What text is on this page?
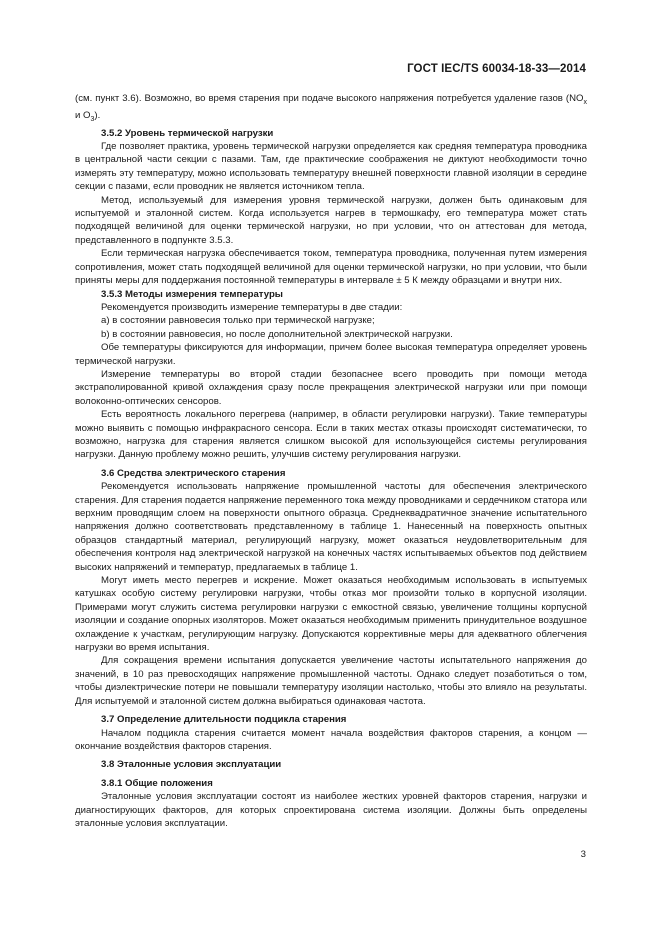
ГОСТ IEC/TS 60034-18-33—2014

(см. пункт 3.6). Возможно, во время старения при подаче высокого напряжения потребуется удаление газов ($NO_x$ и $O_3$).

3.5.2 Уровень термической нагрузки

Где позволяет практика, уровень термической нагрузки определяется как средняя температура проводника в центральной части секции с пазами. Там, где практические соображения не диктуют необходимости точно измерять эту температуру, можно использовать температуру внешней поверхности главной изоляции в середине секции с пазами, если проводник не является источником тепла.

Метод, используемый для измерения уровня термической нагрузки, должен быть одинаковым для испытуемой и эталонной систем. Когда используется нагрев в термошкафу, его температура может стать подходящей величиной для оценки термической нагрузки, но при условии, что он аттестован для метода, представленного в подпункте 3.5.3.

Если термическая нагрузка обеспечивается током, температура проводника, полученная путем измерения сопротивления, может стать подходящей величиной для оценки термической нагрузки, но при условии, что были приняты меры для поддержания постоянной температуры в интервале ± 5 К между образцами и внутри них.

3.5.3 Методы измерения температуры

Рекомендуется производить измерение температуры в две стадии:

a) в состоянии равновесия только при термической нагрузке;

b) в состоянии равновесия, но после дополнительной электрической нагрузки.

Обе температуры фиксируются для информации, причем более высокая температура определяет уровень термической нагрузки.

Измерение температуры во второй стадии безопаснее всего проводить при помощи метода экстраполированной кривой охлаждения сразу после прекращения электрической нагрузки или при помощи волоконно-оптических сенсоров.

Есть вероятность локального перегрева (например, в области регулировки нагрузки). Такие температуры можно выявить с помощью инфракрасного сенсора. Если в таких местах отказы происходят систематически, то возможно, нагрузка для старения является слишком высокой для использующейся системы регулирования нагрузки. Данную проблему можно решить, улучшив систему регулирования нагрузки.

3.6 Средства электрического старения

Рекомендуется использовать напряжение промышленной частоты для обеспечения электрического старения. Для старения подается напряжение переменного тока между проводниками и сердечником статора или верхним проводящим слоем на поверхности опытного образца. Среднеквадратичное значение испытательного напряжения должно соответствовать представленному в таблице 1. Нанесенный на поверхность опытных образцов стандартный материал, регулирующий нагрузку, может оказаться неудовлетворительным для обеспечения контроля над электрической нагрузкой на конечных частях испытываемых объектов под действием высоких напряжений и температур, предлагаемых в таблице 1.

Могут иметь место перегрев и искрение. Может оказаться необходимым использовать в испытуемых катушках особую систему регулировки нагрузки, чтобы отказ мог произойти только в корпусной изоляции. Примерами могут служить система регулировки нагрузки с емкостной связью, увеличение толщины корпусной изоляции и создание опорных изоляторов. Может оказаться необходимым применить принудительное воздушное охлаждение к участкам, регулирующим нагрузку. Допускаются коррективные меры для адекватного облегчения нагрузки во время испытания.

Для сокращения времени испытания допускается увеличение частоты испытательного напряжения до значений, в 10 раз превосходящих напряжение промышленной частоты. Однако следует позаботиться о том, чтобы диэлектрические потери не повышали температуру изоляции настолько, чтобы это влияло на результаты. Для испытуемой и эталонной систем должна выбираться одинаковая частота.

3.7 Определение длительности подцикла старения

Началом подцикла старения считается момент начала воздействия факторов старения, а концом — окончание воздействия факторов старения.

3.8 Эталонные условия эксплуатации

3.8.1 Общие положения

Эталонные условия эксплуатации состоят из наиболее жестких уровней факторов старения, нагрузки и диагностирующих факторов, для которых спроектирована система изоляции. Должны быть определены эталонные условия эксплуатации.

3
